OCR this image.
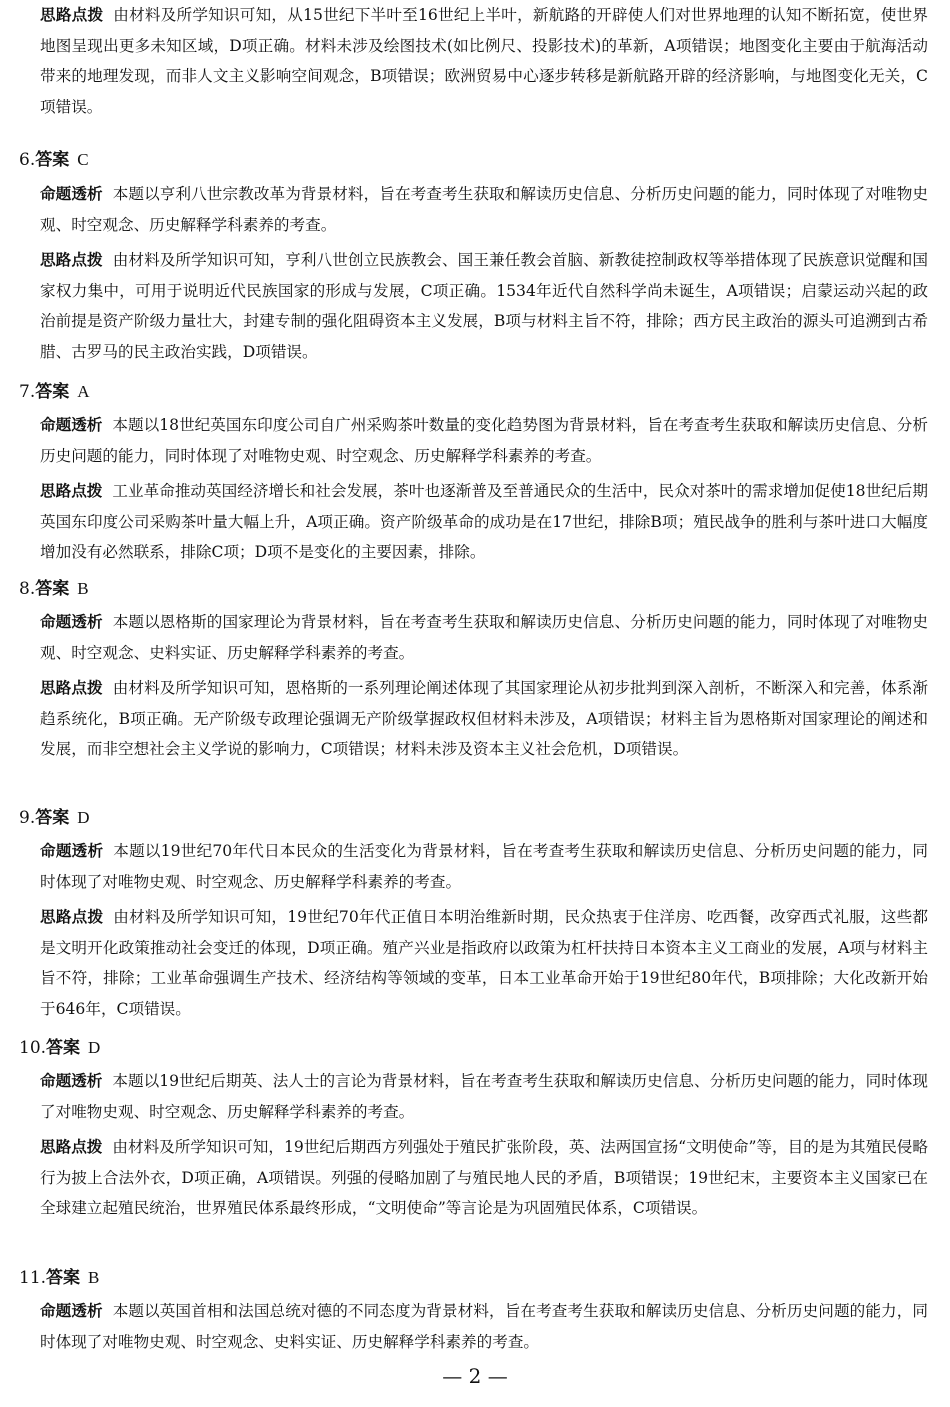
思路点拨 由材料及所学知识可知，从15世纪下半叶至16世纪上半叶，新航路的开辟使人们对世界地理的认知不断拓宽，使世界地图呈现出更多未知区域，D项正确。材料未涉及绘图技术(如比例尺、投影技术)的革新，A项错误；地图变化主要由于航海活动带来的地理发现，而非人文主义影响空间观念，B项错误；欧洲贸易中心逐步转移是新航路开辟的经济影响，与地图变化无关，C项错误。

6.答案 C

命题透析 本题以亨利八世宗教改革为背景材料，旨在考查考生获取和解读历史信息、分析历史问题的能力，同时体现了对唯物史观、时空观念、历史解释学科素养的考查。

思路点拨 由材料及所学知识可知，亨利八世创立民族教会、国王兼任教会首脑、新教徒控制政权等举措体现了民族意识觉醒和国家权力集中，可用于说明近代民族国家的形成与发展，C项正确。1534年近代自然科学尚未诞生，A项错误；启蒙运动兴起的政治前提是资产阶级力量壮大，封建专制的强化阻碍资本主义发展，B项与材料主旨不符，排除；西方民主政治的源头可追溯到古希腊、古罗马的民主政治实践，D项错误。

7.答案 A

命题透析 本题以18世纪英国东印度公司自广州采购茶叶数量的变化趋势图为背景材料，旨在考查考生获取和解读历史信息、分析历史问题的能力，同时体现了对唯物史观、时空观念、历史解释学科素养的考查。

思路点拨 工业革命推动英国经济增长和社会发展，茶叶也逐渐普及至普通民众的生活中，民众对茶叶的需求增加促使18世纪后期英国东印度公司采购茶叶量大幅上升，A项正确。资产阶级革命的成功是在17世纪，排除B项；殖民战争的胜利与茶叶进口大幅度增加没有必然联系，排除C项；D项不是变化的主要因素，排除。

8.答案 B

命题透析 本题以恩格斯的国家理论为背景材料，旨在考查考生获取和解读历史信息、分析历史问题的能力，同时体现了对唯物史观、时空观念、史料实证、历史解释学科素养的考查。

思路点拨 由材料及所学知识可知，恩格斯的一系列理论阐述体现了其国家理论从初步批判到深入剖析，不断深入和完善，体系渐趋系统化，B项正确。无产阶级专政理论强调无产阶级掌握政权但材料未涉及，A项错误；材料主旨为恩格斯对国家理论的阐述和发展，而非空想社会主义学说的影响力，C项错误；材料未涉及资本主义社会危机，D项错误。

9.答案 D

命题透析 本题以19世纪70年代日本民众的生活变化为背景材料，旨在考查考生获取和解读历史信息、分析历史问题的能力，同时体现了对唯物史观、时空观念、历史解释学科素养的考查。

思路点拨 由材料及所学知识可知，19世纪70年代正值日本明治维新时期，民众热衷于住洋房、吃西餐，改穿西式礼服，这些都是文明开化政策推动社会变迁的体现，D项正确。殖产兴业是指政府以政策为杠杆扶持日本资本主义工商业的发展，A项与材料主旨不符，排除；工业革命强调生产技术、经济结构等领域的变革，日本工业革命开始于19世纪80年代，B项排除；大化改新开始于646年，C项错误。

10.答案 D

命题透析 本题以19世纪后期英、法人士的言论为背景材料，旨在考查考生获取和解读历史信息、分析历史问题的能力，同时体现了对唯物史观、时空观念、历史解释学科素养的考查。

思路点拨 由材料及所学知识可知，19世纪后期西方列强处于殖民扩张阶段，英、法两国宣扬“文明使命”等，目的是为其殖民侵略行为披上合法外衣，D项正确，A项错误。列强的侵略加剧了与殖民地人民的矛盾，B项错误；19世纪末，主要资本主义国家已在全球建立起殖民统治，世界殖民体系最终形成，“文明使命”等言论是为巩固殖民体系，C项错误。

11.答案 B

命题透析 本题以英国首相和法国总统对德的不同态度为背景材料，旨在考查考生获取和解读历史信息、分析历史问题的能力，同时体现了对唯物史观、时空观念、史料实证、历史解释学科素养的考查。

— 2 —
